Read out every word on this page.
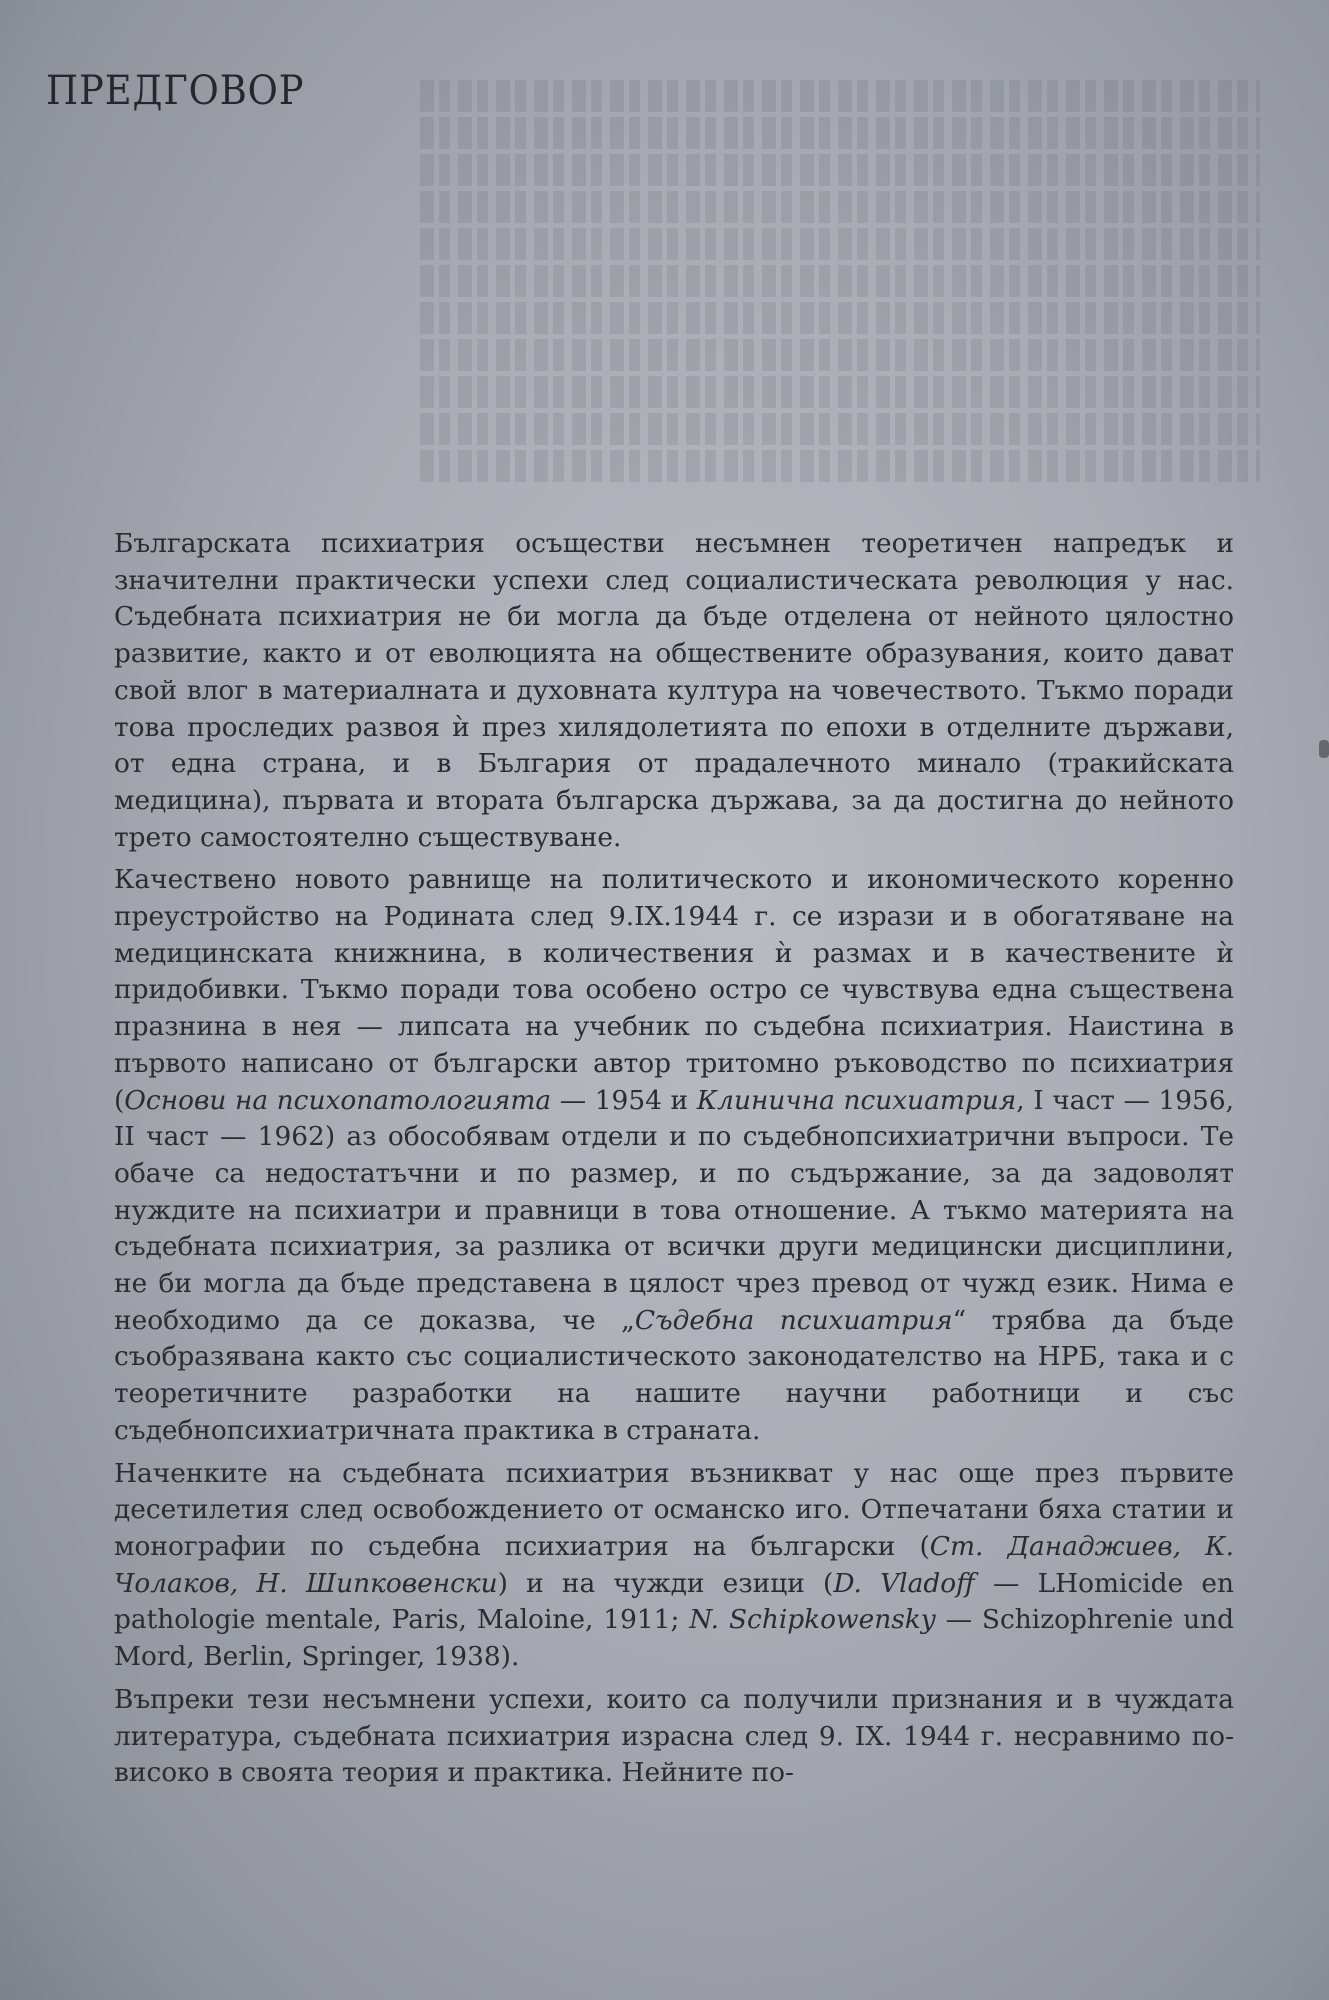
ПРЕДГОВОР

Българската психиатрия осъществи несъмнен теоретичен напредък и значителни практически успехи след социалистическата революция у нас. Съдебната психиатрия не би могла да бъде отделена от нейното цялостно развитие, както и от еволюцията на обществените образувания, които дават свой влог в материалната и духовната култура на човечеството. Тъкмо поради това проследих развоя ѝ през хилядолетията по епохи в отделните държави, от една страна, и в България от прадалечното минало (тракийската медицина), първата и втората българска държава, за да достигна до нейното трето самостоятелно съществуване.

Качествено новото равнище на политическото и икономическото коренно преустройство на Родината след 9.IX.1944 г. се изрази и в обогатяване на медицинската книжнина, в количествения ѝ размах и в качествените ѝ придобивки. Тъкмо поради това особено остро се чувствува една съществена празнина в нея — липсата на учебник по съдебна психиатрия. Наистина в първото написано от български автор тритомно ръководство по психиатрия (Основи на психопатологията — 1954 и Клинична психиатрия, I част — 1956, II част — 1962) аз обособявам отдели и по съдебнопсихиатрични въпроси. Те обаче са недостатъчни и по размер, и по съдържание, за да задоволят нуждите на психиатри и правници в това отношение. А тъкмо материята на съдебната психиатрия, за разлика от всички други медицински дисциплини, не би могла да бъде представена в цялост чрез превод от чужд език. Нима е необходимо да се доказва, че „Съдебна психиатрия“ трябва да бъде съобразявана както със социалистическото законодателство на НРБ, така и с теоретичните разработки на нашите научни работници и със съдебнопсихиатричната практика в страната.

Наченките на съдебната психиатрия възникват у нас още през първите десетилетия след освобождението от османско иго. Отпечатани бяха статии и монографии по съдебна психиатрия на български (Ст. Данаджиев, К. Чолаков, Н. Шипковенски) и на чужди езици (D. Vladoff — LHomicide en pathologie mentale, Paris, Maloine, 1911; N. Schipkowensky — Schizophrenie und Mord, Berlin, Springer, 1938).

Въпреки тези несъмнени успехи, които са получили признания и в чуждата литература, съдебната психиатрия израсна след 9. IX. 1944 г. несравнимо по-високо в своята теория и практика. Нейните по-
